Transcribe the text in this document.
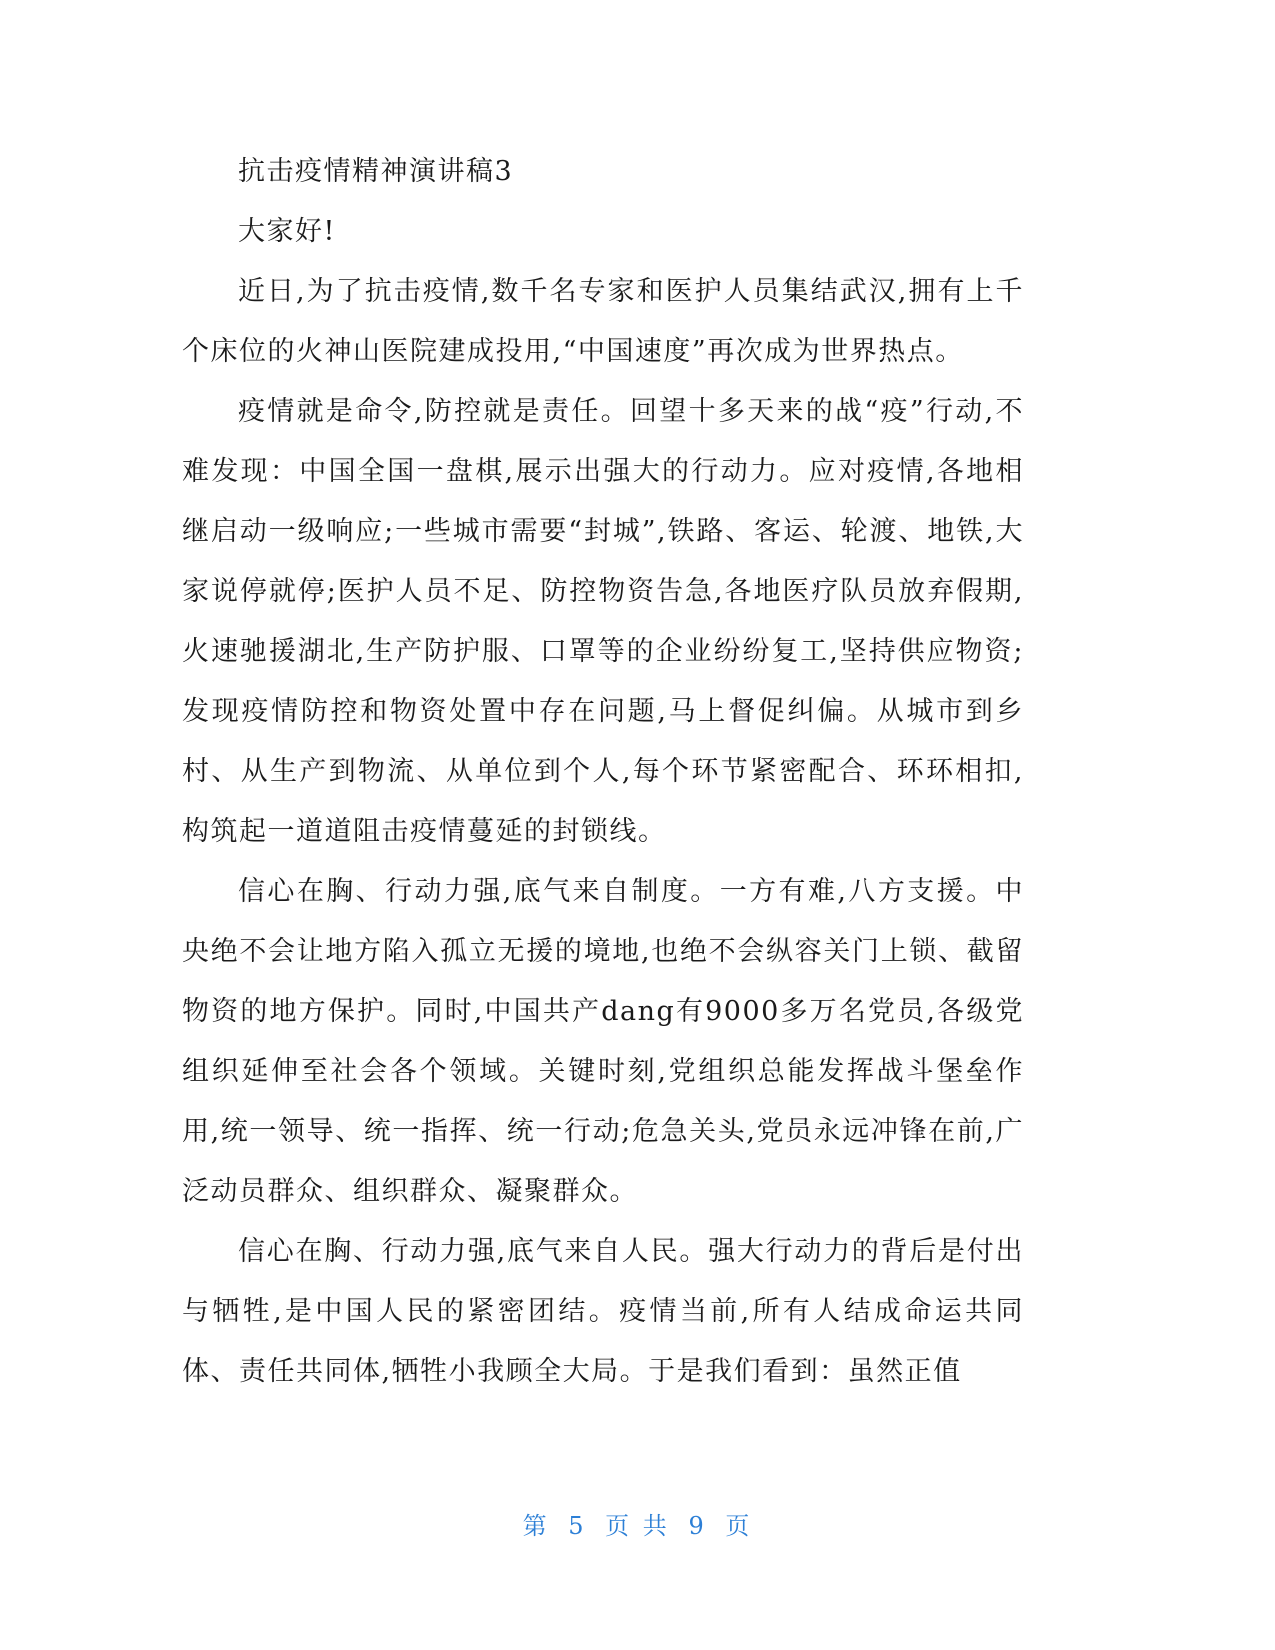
抗击疫情精神演讲稿3

大家好!

近日,为了抗击疫情,数千名专家和医护人员集结武汉,拥有上千个床位的火神山医院建成投用,“中国速度”再次成为世界热点。

疫情就是命令,防控就是责任。回望十多天来的战“疫”行动,不难发现：中国全国一盘棋,展示出强大的行动力。应对疫情,各地相继启动一级响应;一些城市需要“封城”,铁路、客运、轮渡、地铁,大家说停就停;医护人员不足、防控物资告急,各地医疗队员放弃假期,火速驰援湖北,生产防护服、口罩等的企业纷纷复工,坚持供应物资;发现疫情防控和物资处置中存在问题,马上督促纠偏。从城市到乡村、从生产到物流、从单位到个人,每个环节紧密配合、环环相扣,构筑起一道道阻击疫情蔓延的封锁线。

信心在胸、行动力强,底气来自制度。一方有难,八方支援。中央绝不会让地方陷入孤立无援的境地,也绝不会纵容关门上锁、截留物资的地方保护。同时,中国共产dang有9000多万名党员,各级党组织延伸至社会各个领域。关键时刻,党组织总能发挥战斗堡垒作用,统一领导、统一指挥、统一行动;危急关头,党员永远冲锋在前,广泛动员群众、组织群众、凝聚群众。

信心在胸、行动力强,底气来自人民。强大行动力的背后是付出与牺牲,是中国人民的紧密团结。疫情当前,所有人结成命运共同体、责任共同体,牺牲小我顾全大局。于是我们看到：虽然正值

第 5 页 共 9 页
